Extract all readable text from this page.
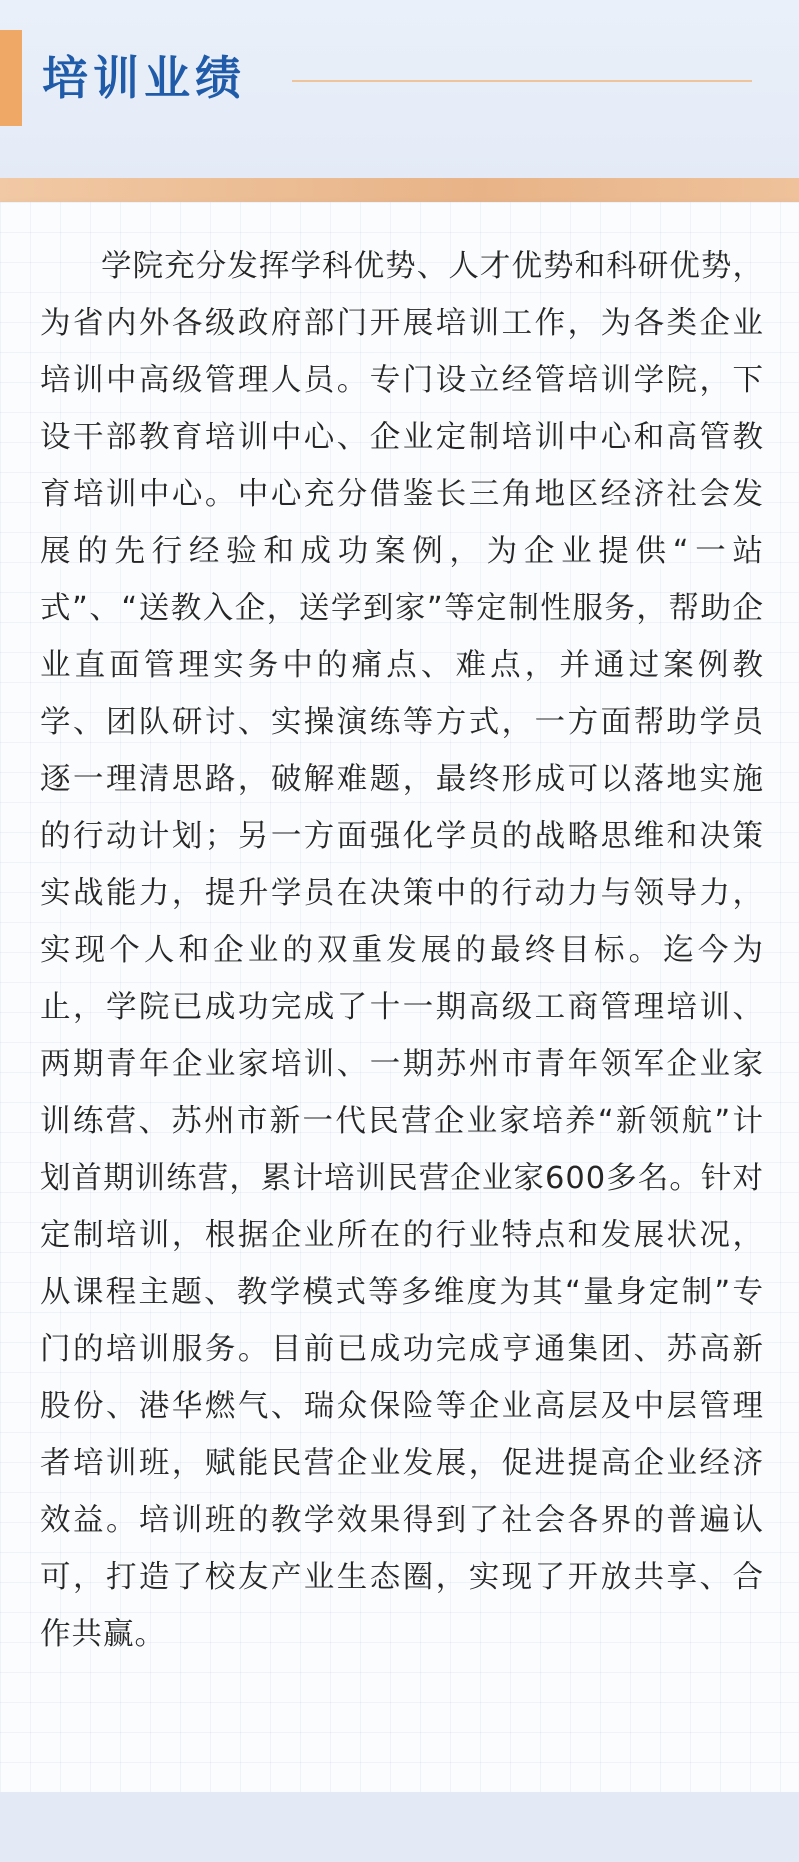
培训业绩

学院充分发挥学科优势、人才优势和科研优势，为省内外各级政府部门开展培训工作，为各类企业培训中高级管理人员。专门设立经管培训学院，下设干部教育培训中心、企业定制培训中心和高管教育培训中心。中心充分借鉴长三角地区经济社会发展的先行经验和成功案例，为企业提供“一站式”、“送教入企，送学到家”等定制性服务，帮助企业直面管理实务中的痛点、难点，并通过案例教学、团队研讨、实操演练等方式，一方面帮助学员逐一理清思路，破解难题，最终形成可以落地实施的行动计划；另一方面强化学员的战略思维和决策实战能力，提升学员在决策中的行动力与领导力，实现个人和企业的双重发展的最终目标。迄今为止，学院已成功完成了十一期高级工商管理培训、两期青年企业家培训、一期苏州市青年领军企业家训练营、苏州市新一代民营企业家培养“新领航”计划首期训练营，累计培训民营企业家600多名。针对定制培训，根据企业所在的行业特点和发展状况，从课程主题、教学模式等多维度为其“量身定制”专门的培训服务。目前已成功完成亨通集团、苏高新股份、港华燃气、瑞众保险等企业高层及中层管理者培训班，赋能民营企业发展，促进提高企业经济效益。培训班的教学效果得到了社会各界的普遍认可，打造了校友产业生态圈，实现了开放共享、合作共赢。
